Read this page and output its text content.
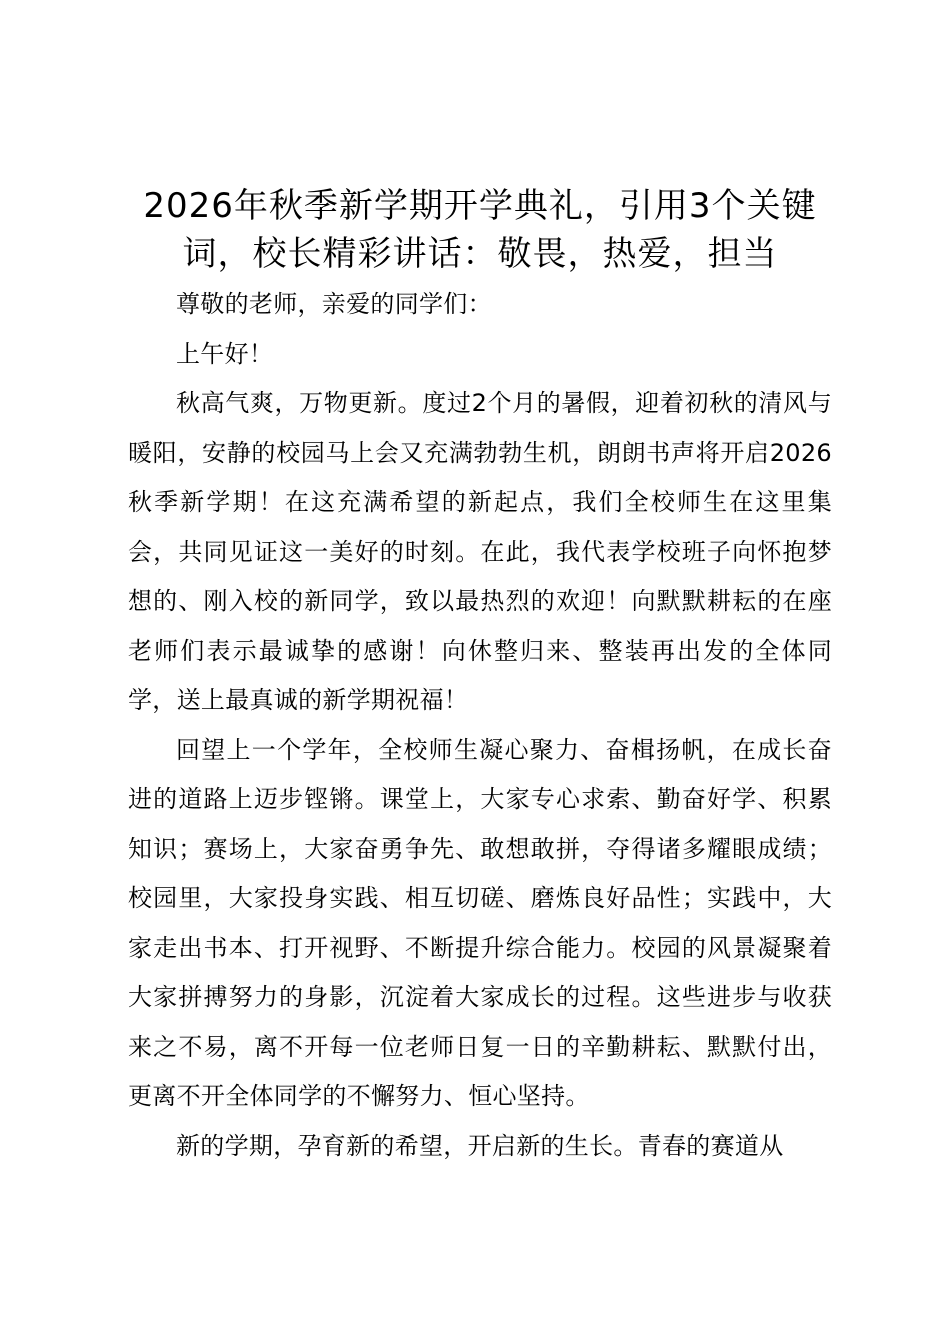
2026年秋季新学期开学典礼，引用3个关键词，校长精彩讲话：敬畏，热爱，担当

尊敬的老师，亲爱的同学们：

上午好！

秋高气爽，万物更新。度过2个月的暑假，迎着初秋的清风与暖阳，安静的校园马上会又充满勃勃生机，朗朗书声将开启2026秋季新学期！在这充满希望的新起点，我们全校师生在这里集会，共同见证这一美好的时刻。在此，我代表学校班子向怀抱梦想的、刚入校的新同学，致以最热烈的欢迎！向默默耕耘的在座老师们表示最诚挚的感谢！向休整归来、整装再出发的全体同学，送上最真诚的新学期祝福！

回望上一个学年，全校师生凝心聚力、奋楫扬帆，在成长奋进的道路上迈步铿锵。课堂上，大家专心求索、勤奋好学、积累知识；赛场上，大家奋勇争先、敢想敢拼，夺得诸多耀眼成绩；校园里，大家投身实践、相互切磋、磨炼良好品性；实践中，大家走出书本、打开视野、不断提升综合能力。校园的风景凝聚着大家拼搏努力的身影，沉淀着大家成长的过程。这些进步与收获来之不易，离不开每一位老师日复一日的辛勤耕耘、默默付出，更离不开全体同学的不懈努力、恒心坚持。

新的学期，孕育新的希望，开启新的生长。青春的赛道从
